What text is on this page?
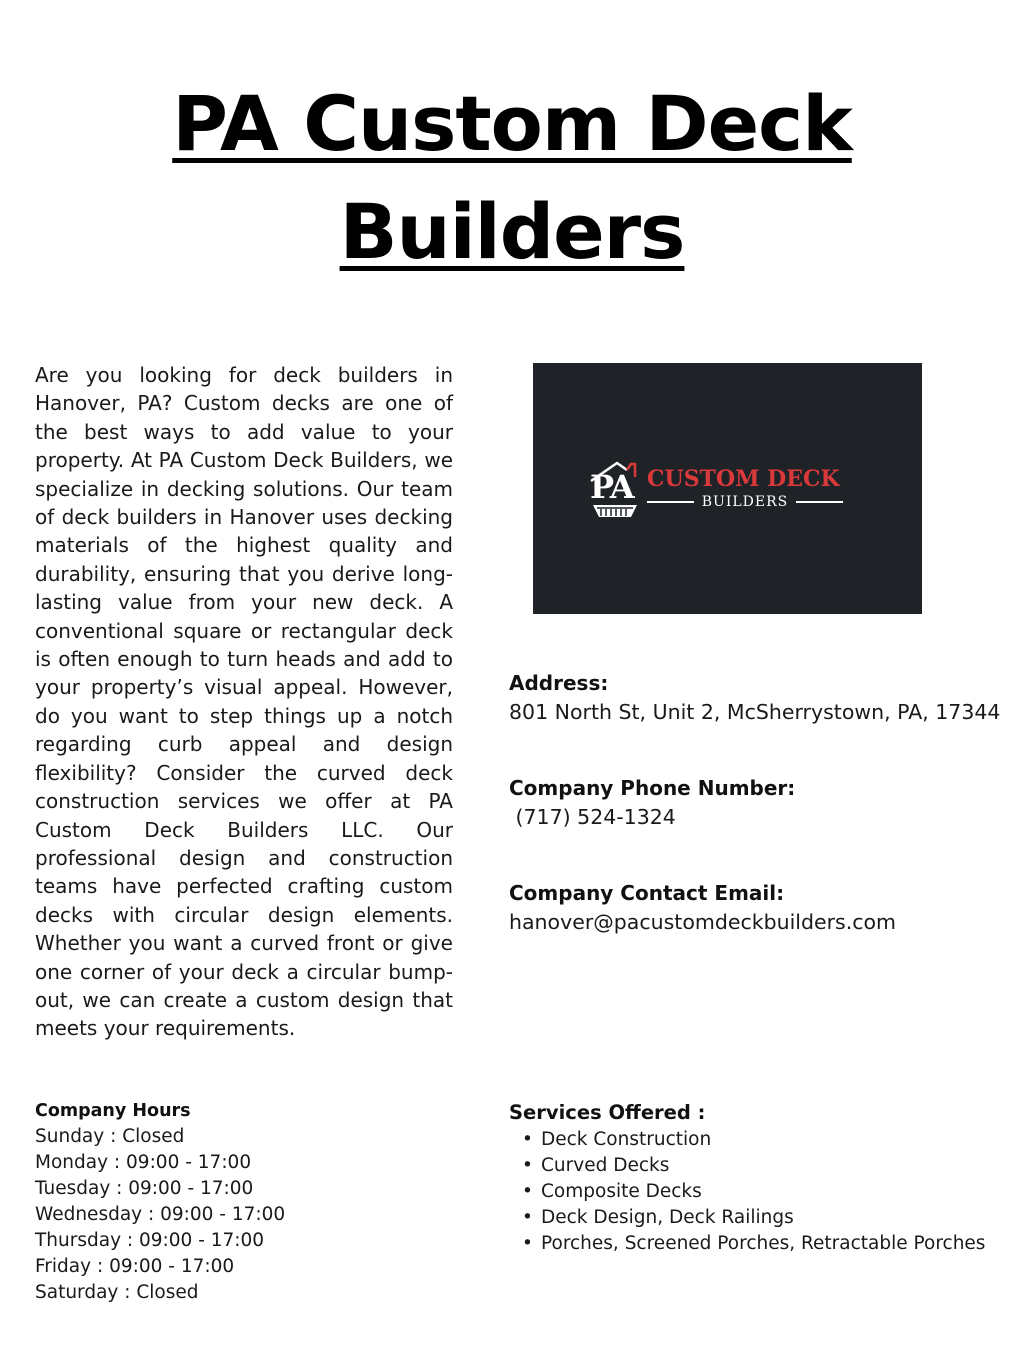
PA Custom Deck
Builders

Are you looking for deck builders in Hanover, PA? Custom decks are one of the best ways to add value to your property. At PA Custom Deck Builders, we specialize in decking solutions. Our team of deck builders in Hanover uses decking materials of the highest quality and durability, ensuring that you derive long-lasting value from your new deck. A conventional square or rectangular deck is often enough to turn heads and add to your property’s visual appeal. However, do you want to step things up a notch regarding curb appeal and design flexibility? Consider the curved deck construction services we offer at PA Custom Deck Builders LLC. Our professional design and construction teams have perfected crafting custom decks with circular design elements. Whether you want a curved front or give one corner of your deck a circular bump-out, we can create a custom design that meets your requirements.

PA CUSTOM DECK
BUILDERS

Address:

801 North St, Unit 2, McSherrystown, PA, 17344

Company Phone Number:

(717) 524-1324

Company Contact Email:

hanover@pacustomdeckbuilders.com

Company Hours

Sunday : Closed

Monday : 09:00 - 17:00

Tuesday : 09:00 - 17:00

Wednesday : 09:00 - 17:00

Thursday : 09:00 - 17:00

Friday : 09:00 - 17:00

Saturday : Closed

Services Offered :

• Deck Construction
• Curved Decks
• Composite Decks
• Deck Design, Deck Railings
• Porches, Screened Porches, Retractable Porches
